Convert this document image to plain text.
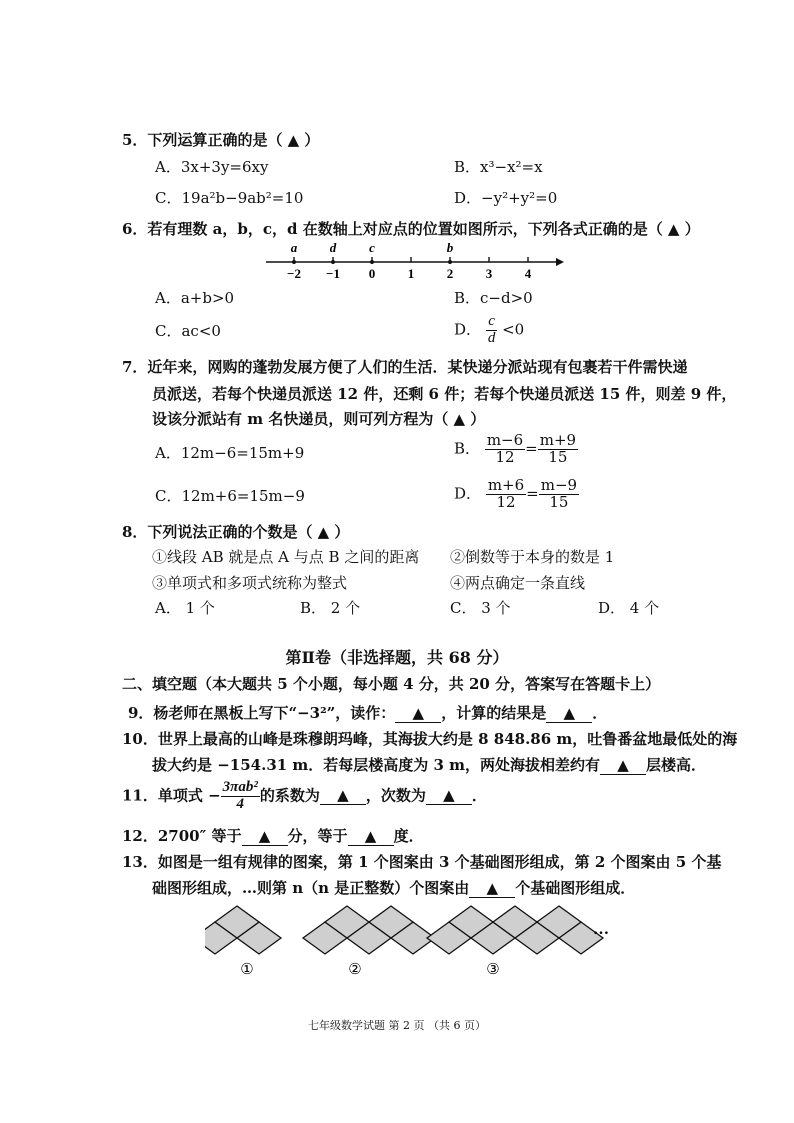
5．下列运算正确的是（ ▲ ）
A．3x+3y=6xy	B．x³−x²=x
C．19a²b−9ab²=10	D．−y²+y²=0
6．若有理数 a，b，c，d 在数轴上对应点的位置如图所示，下列各式正确的是（ ▲ ）
−2 −1 0	1	2	3	4
a	d	c	b
A．a+b>0	B．c−d>0
C．ac<0	D． $\frac{c}{d} <0$
7．近年来，网购的蓬勃发展方便了人们的生活．某快递分派站现有包裹若干件需快递
员派送，若每个快递员派送 12 件，还剩 6 件；若每个快递员派送 15 件，则差 9 件，
设该分派站有 m 名快递员，则可列方程为（ ▲ ）
A．12m−6=15m+9	B． $\frac{m-6}{12} = \frac{m+9}{15}$
C．12m+6=15m−9	D． $\frac{m+6}{12} = \frac{m-9}{15}$
8．下列说法正确的个数是（ ▲ ）
①线段 AB 就是点 A 与点 B 之间的距离 ②倒数等于本身的数是 1
③单项式和多项式统称为整式	④两点确定一条直线
A． 1 个	B． 2 个	C． 3 个	D． 4 个
第Ⅱ卷（非选择题，共 68 分）
二、填空题（本大题共 5 个小题，每小题 4 分，共 20 分，答案写在答题卡上）
9．杨老师在黑板上写下“−3²”，读作： ▲ ，计算的结果是 ▲ ．
10．世界上最高的山峰是珠穆朗玛峰，其海拔大约是 8 848.86 m，吐鲁番盆地最低处的海
拔大约是 −154.31 m．若每层楼高度为 3 m，两处海拔相差约有 ▲ 层楼高．
11．单项式 − $\frac{\text{3πab²}}{4}$ 的系数为 ▲ ，次数为 ▲ ．
12．2700″ 等于 ▲ 分，等于 ▲ 度．
13．如图是一组有规律的图案，第 1 个图案由 3 个基础图形组成，第 2 个图案由 5 个基
础图形组成，…则第 n（n 是正整数）个图案由 ▲ 个基础图形组成．
①	②	③
…
七年级数学试题 第 2 页 （共 6 页）
